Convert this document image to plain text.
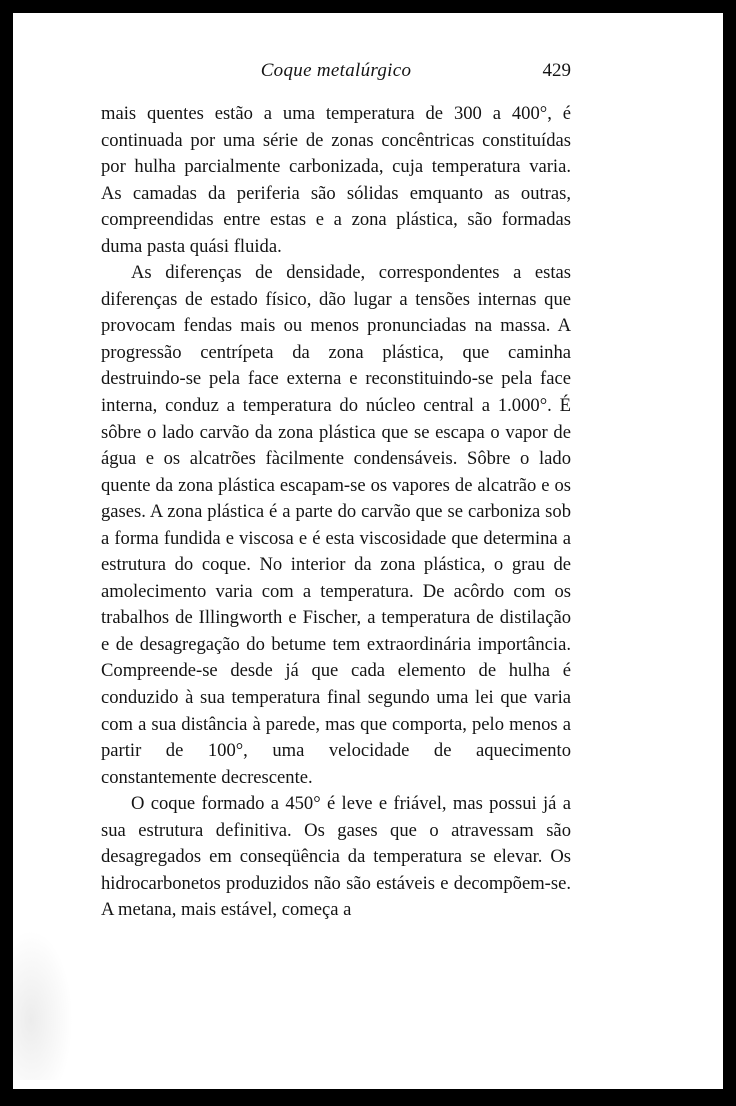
Coque metalúrgico	429

mais quentes estão a uma temperatura de 300 a 400°, é continuada por uma série de zonas concêntricas constituídas por hulha parcialmente carbonizada, cuja temperatura varia. As camadas da periferia são sólidas emquanto as outras, compreendidas entre estas e a zona plástica, são formadas duma pasta quási fluida.

As diferenças de densidade, correspondentes a estas diferenças de estado físico, dão lugar a tensões internas que provocam fendas mais ou menos pronunciadas na massa. A progressão centrípeta da zona plástica, que caminha destruindo-se pela face externa e reconstituindo-se pela face interna, conduz a temperatura do núcleo central a 1.000°. É sôbre o lado carvão da zona plástica que se escapa o vapor de água e os alcatrões fàcilmente condensáveis. Sôbre o lado quente da zona plástica escapam-se os vapores de alcatrão e os gases. A zona plástica é a parte do carvão que se carboniza sob a forma fundida e viscosa e é esta viscosidade que determina a estrutura do coque. No interior da zona plástica, o grau de amolecimento varia com a temperatura. De acôrdo com os trabalhos de Illingworth e Fischer, a temperatura de distilação e de desagregação do betume tem extraordinária importância. Compreende-se desde já que cada elemento de hulha é conduzido à sua temperatura final segundo uma lei que varia com a sua distância à parede, mas que comporta, pelo menos a partir de 100°, uma velocidade de aquecimento constantemente decrescente.

O coque formado a 450° é leve e friável, mas possui já a sua estrutura definitiva. Os gases que o atravessam são desagregados em conseqüência da temperatura se elevar. Os hidrocarbonetos produzidos não são estáveis e decompõem-se. A metana, mais estável, começa a
